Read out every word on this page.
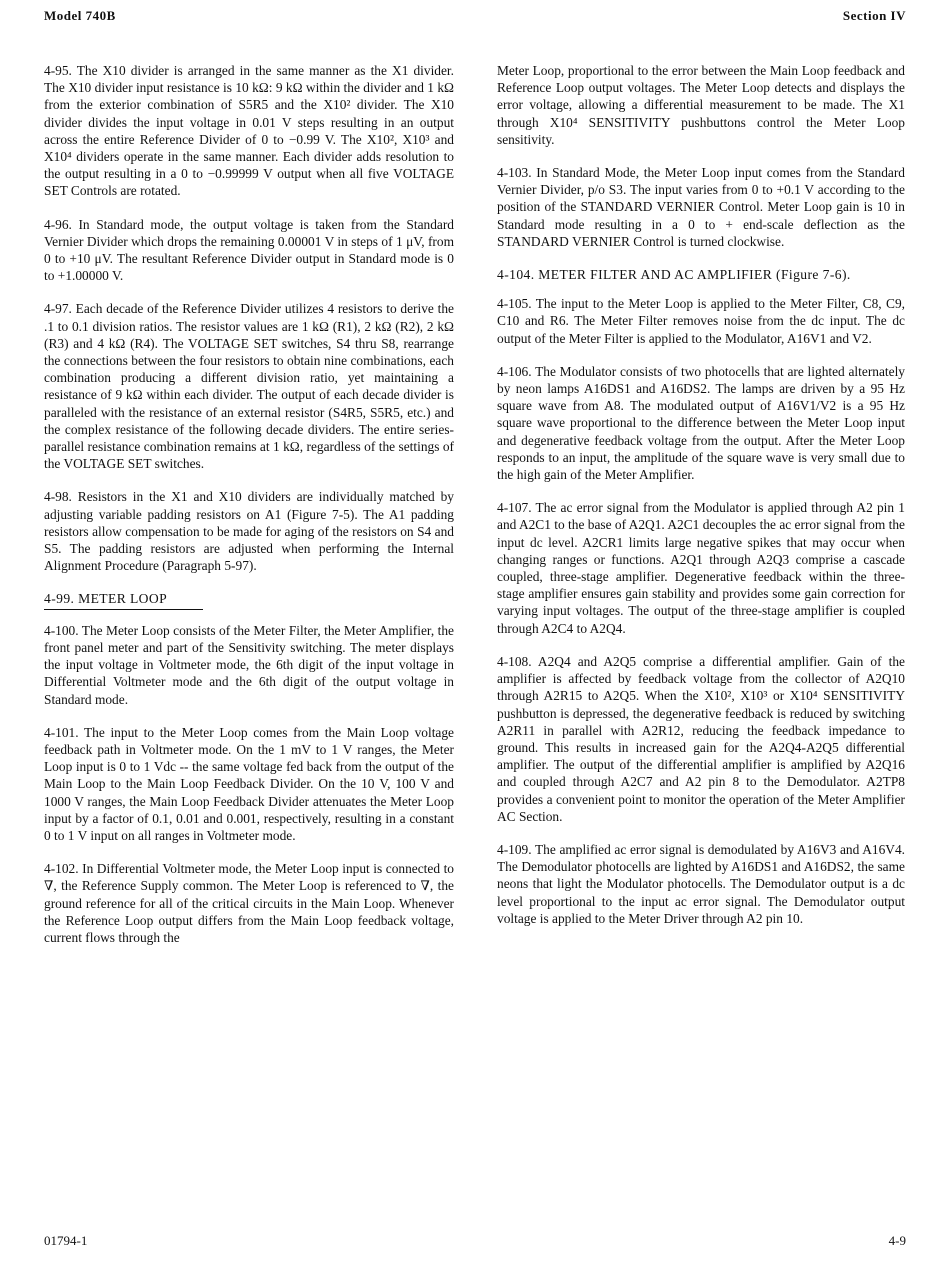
Model 740B	Section IV

4-95. The X10 divider is arranged in the same manner as the X1 divider. The X10 divider input resistance is 10 kΩ: 9 kΩ within the divider and 1 kΩ from the exterior combination of S5R5 and the X10² divider. The X10 divider divides the input voltage in 0.01 V steps resulting in an output across the entire Reference Divider of 0 to −0.99 V. The X10², X10³ and X10⁴ dividers operate in the same manner. Each divider adds resolution to the output resulting in a 0 to −0.99999 V output when all five VOLTAGE SET Controls are rotated.

4-96. In Standard mode, the output voltage is taken from the Standard Vernier Divider which drops the remaining 0.00001 V in steps of 1 μV, from 0 to +10 μV. The resultant Reference Divider output in Standard mode is 0 to +1.00000 V.

4-97. Each decade of the Reference Divider utilizes 4 resistors to derive the .1 to 0.1 division ratios. The resistor values are 1 kΩ (R1), 2 kΩ (R2), 2 kΩ (R3) and 4 kΩ (R4). The VOLTAGE SET switches, S4 thru S8, rearrange the connections between the four resistors to obtain nine combinations, each combination producing a different division ratio, yet maintaining a resistance of 9 kΩ within each divider. The output of each decade divider is paralleled with the resistance of an external resistor (S4R5, S5R5, etc.) and the complex resistance of the following decade dividers. The entire series-parallel resistance combination remains at 1 kΩ, regardless of the settings of the VOLTAGE SET switches.

4-98. Resistors in the X1 and X10 dividers are individually matched by adjusting variable padding resistors on A1 (Figure 7-5). The A1 padding resistors allow compensation to be made for aging of the resistors on S4 and S5. The padding resistors are adjusted when performing the Internal Alignment Procedure (Paragraph 5-97).

4-99. METER LOOP

4-100. The Meter Loop consists of the Meter Filter, the Meter Amplifier, the front panel meter and part of the Sensitivity switching. The meter displays the input voltage in Voltmeter mode, the 6th digit of the input voltage in Differential Voltmeter mode and the 6th digit of the output voltage in Standard mode.

4-101. The input to the Meter Loop comes from the Main Loop voltage feedback path in Voltmeter mode. On the 1 mV to 1 V ranges, the Meter Loop input is 0 to 1 Vdc -- the same voltage fed back from the output of the Main Loop to the Main Loop Feedback Divider. On the 10 V, 100 V and 1000 V ranges, the Main Loop Feedback Divider attenuates the Meter Loop input by a factor of 0.1, 0.01 and 0.001, respectively, resulting in a constant 0 to 1 V input on all ranges in Voltmeter mode.

4-102. In Differential Voltmeter mode, the Meter Loop input is connected to ∇, the Reference Supply common. The Meter Loop is referenced to ∇, the ground reference for all of the critical circuits in the Main Loop. Whenever the Reference Loop output differs from the Main Loop feedback voltage, current flows through the

Meter Loop, proportional to the error between the Main Loop feedback and Reference Loop output voltages. The Meter Loop detects and displays the error voltage, allowing a differential measurement to be made. The X1 through X10⁴ SENSITIVITY pushbuttons control the Meter Loop sensitivity.

4-103. In Standard Mode, the Meter Loop input comes from the Standard Vernier Divider, p/o S3. The input varies from 0 to +0.1 V according to the position of the STANDARD VERNIER Control. Meter Loop gain is 10 in Standard mode resulting in a 0 to + end-scale deflection as the STANDARD VERNIER Control is turned clockwise.

4-104. METER FILTER AND AC AMPLIFIER (Figure 7-6).

4-105. The input to the Meter Loop is applied to the Meter Filter, C8, C9, C10 and R6. The Meter Filter removes noise from the dc input. The dc output of the Meter Filter is applied to the Modulator, A16V1 and V2.

4-106. The Modulator consists of two photocells that are lighted alternately by neon lamps A16DS1 and A16DS2. The lamps are driven by a 95 Hz square wave from A8. The modulated output of A16V1/V2 is a 95 Hz square wave proportional to the difference between the Meter Loop input and degenerative feedback voltage from the output. After the Meter Loop responds to an input, the amplitude of the square wave is very small due to the high gain of the Meter Amplifier.

4-107. The ac error signal from the Modulator is applied through A2 pin 1 and A2C1 to the base of A2Q1. A2C1 decouples the ac error signal from the input dc level. A2CR1 limits large negative spikes that may occur when changing ranges or functions. A2Q1 through A2Q3 comprise a cascade coupled, three-stage amplifier. Degenerative feedback within the three-stage amplifier ensures gain stability and provides some gain correction for varying input voltages. The output of the three-stage amplifier is coupled through A2C4 to A2Q4.

4-108. A2Q4 and A2Q5 comprise a differential amplifier. Gain of the amplifier is affected by feedback voltage from the collector of A2Q10 through A2R15 to A2Q5. When the X10², X10³ or X10⁴ SENSITIVITY pushbutton is depressed, the degenerative feedback is reduced by switching A2R11 in parallel with A2R12, reducing the feedback impedance to ground. This results in increased gain for the A2Q4-A2Q5 differential amplifier. The output of the differential amplifier is amplified by A2Q16 and coupled through A2C7 and A2 pin 8 to the Demodulator. A2TP8 provides a convenient point to monitor the operation of the Meter Amplifier AC Section.

4-109. The amplified ac error signal is demodulated by A16V3 and A16V4. The Demodulator photocells are lighted by A16DS1 and A16DS2, the same neons that light the Modulator photocells. The Demodulator output is a dc level proportional to the input ac error signal. The Demodulator output voltage is applied to the Meter Driver through A2 pin 10.

01794-1	4-9
